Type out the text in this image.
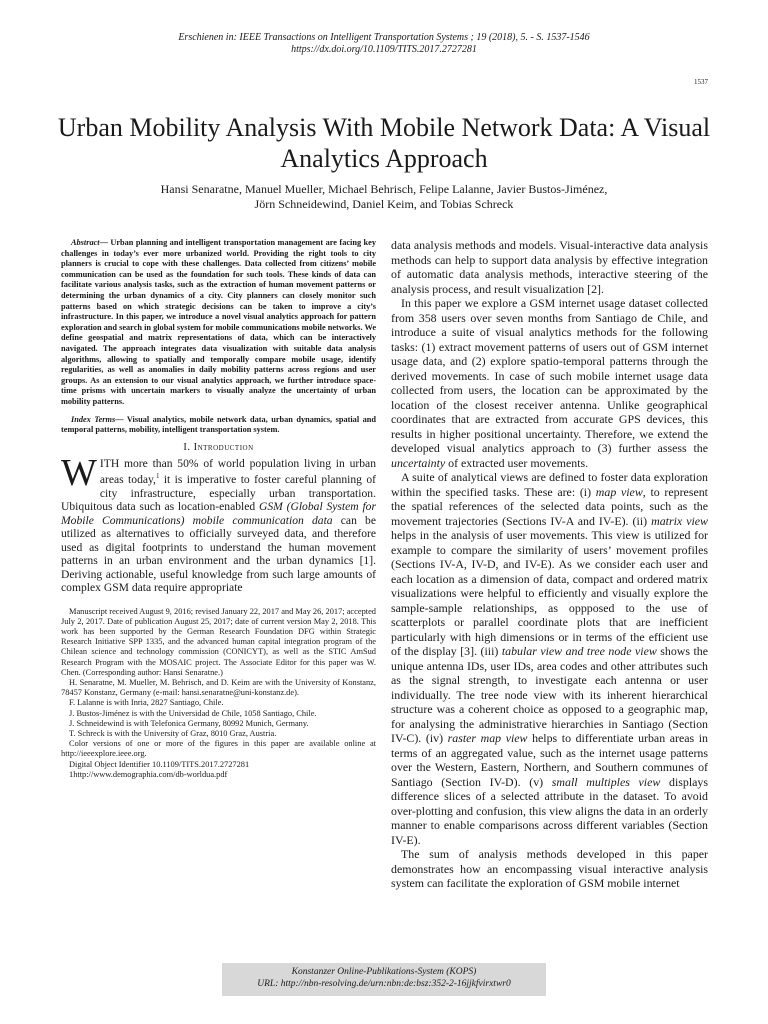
Erschienen in: IEEE Transactions on Intelligent Transportation Systems ; 19 (2018), 5. - S. 1537-1546
https://dx.doi.org/10.1109/TITS.2017.2727281
1537
Urban Mobility Analysis With Mobile Network Data: A Visual Analytics Approach
Hansi Senaratne, Manuel Mueller, Michael Behrisch, Felipe Lalanne, Javier Bustos-Jiménez,
Jörn Schneidewind, Daniel Keim, and Tobias Schreck

Abstract— Urban planning and intelligent transportation management are facing key challenges in today’s ever more urbanized world. Providing the right tools to city planners is crucial to cope with these challenges. Data collected from citizens’ mobile communication can be used as the foundation for such tools. These kinds of data can facilitate various analysis tasks, such as the extraction of human movement patterns or determining the urban dynamics of a city. City planners can closely monitor such patterns based on which strategic decisions can be taken to improve a city’s infrastructure. In this paper, we introduce a novel visual analytics approach for pattern exploration and search in global system for mobile communications mobile networks. We define geospatial and matrix representations of data, which can be interactively navigated. The approach integrates data visualization with suitable data analysis algorithms, allowing to spatially and temporally compare mobile usage, identify regularities, as well as anomalies in daily mobility patterns across regions and user groups. As an extension to our visual analytics approach, we further introduce space-time prisms with uncertain markers to visually analyze the uncertainty of urban mobility patterns.

Index Terms— Visual analytics, mobile network data, urban dynamics, spatial and temporal patterns, mobility, intelligent transportation system.

I. Introduction

WITH more than 50% of world population living in urban areas today,$^1$ it is imperative to foster careful planning of city infrastructure, especially urban transportation. Ubiquitous data such as location-enabled GSM (Global System for Mobile Communications) mobile communication data can be utilized as alternatives to officially surveyed data, and therefore used as digital footprints to understand the human movement patterns in an urban environment and the urban dynamics [1]. Deriving actionable, useful knowledge from such large amounts of complex GSM data require appropriate

Manuscript received August 9, 2016; revised January 22, 2017 and May 26, 2017; accepted July 2, 2017. Date of publication August 25, 2017; date of current version May 2, 2018. This work has been supported by the German Research Foundation DFG within Strategic Research Initiative SPP 1335, and the advanced human capital integration program of the Chilean science and technology commission (CONICYT), as well as the STIC AmSud Research Program with the MOSAIC project. The Associate Editor for this paper was W. Chen. (Corresponding author: Hansi Senaratne.)
H. Senaratne, M. Mueller, M. Behrisch, and D. Keim are with the University of Konstanz, 78457 Konstanz, Germany (e-mail: hansi.senaratne@uni-konstanz.de).
F. Lalanne is with Inria, 2827 Santiago, Chile.
J. Bustos-Jiménez is with the Universidad de Chile, 1058 Santiago, Chile.
J. Schneidewind is with Telefonica Germany, 80992 Munich, Germany.
T. Schreck is with the University of Graz, 8010 Graz, Austria.
Color versions of one or more of the figures in this paper are available online at http://ieeexplore.ieee.org.
Digital Object Identifier 10.1109/TITS.2017.2727281
1http://www.demographia.com/db-worldua.pdf

data analysis methods and models. Visual-interactive data analysis methods can help to support data analysis by effective integration of automatic data analysis methods, interactive steering of the analysis process, and result visualization [2].

In this paper we explore a GSM internet usage dataset collected from 358 users over seven months from Santiago de Chile, and introduce a suite of visual analytics methods for the following tasks: (1) extract movement patterns of users out of GSM internet usage data, and (2) explore spatio-temporal patterns through the derived movements. In case of such mobile internet usage data collected from users, the location can be approximated by the location of the closest receiver antenna. Unlike geographical coordinates that are extracted from accurate GPS devices, this results in higher positional uncertainty. Therefore, we extend the developed visual analytics approach to (3) further assess the uncertainty of extracted user movements.

A suite of analytical views are defined to foster data exploration within the specified tasks. These are: (i) map view, to represent the spatial references of the selected data points, such as the movement trajectories (Sections IV-A and IV-E). (ii) matrix view helps in the analysis of user movements. This view is utilized for example to compare the similarity of users’ movement profiles (Sections IV-A, IV-D, and IV-E). As we consider each user and each location as a dimension of data, compact and ordered matrix visualizations were helpful to efficiently and visually explore the sample-sample relationships, as oppposed to the use of scatterplots or parallel coordinate plots that are inefficient particularly with high dimensions or in terms of the efficient use of the display [3]. (iii) tabular view and tree node view shows the unique antenna IDs, user IDs, area codes and other attributes such as the signal strength, to investigate each antenna or user individually. The tree node view with its inherent hierarchical structure was a coherent choice as opposed to a geographic map, for analysing the administrative hierarchies in Santiago (Section IV-C). (iv) raster map view helps to differentiate urban areas in terms of an aggregated value, such as the internet usage patterns over the Western, Eastern, Northern, and Southern communes of Santiago (Section IV-D). (v) small multiples view displays difference slices of a selected attribute in the dataset. To avoid over-plotting and confusion, this view aligns the data in an orderly manner to enable comparisons across different variables (Section IV-E).

The sum of analysis methods developed in this paper demonstrates how an encompassing visual interactive analysis system can facilitate the exploration of GSM mobile internet

Konstanzer Online-Publikations-System (KOPS)
URL: http://nbn-resolving.de/urn:nbn:de:bsz:352-2-16jjkfvirxtwr0
